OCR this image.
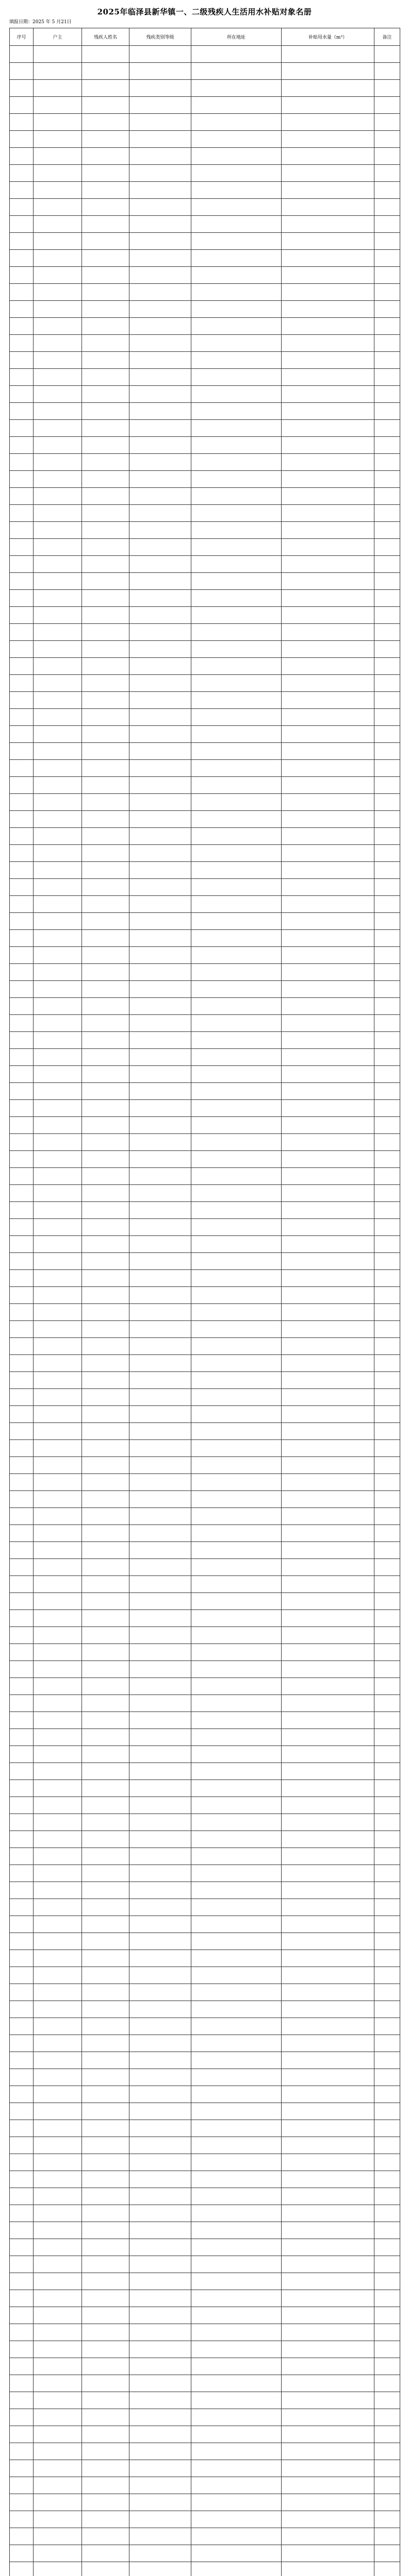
2025年临泽县新华镇一、二级残疾人生活用水补贴对象名册
填报日期：2025 年 5 月21日
序号	户主	残疾人姓名	残疾类别等级	所在地址	补贴用水量（m³）	备注
